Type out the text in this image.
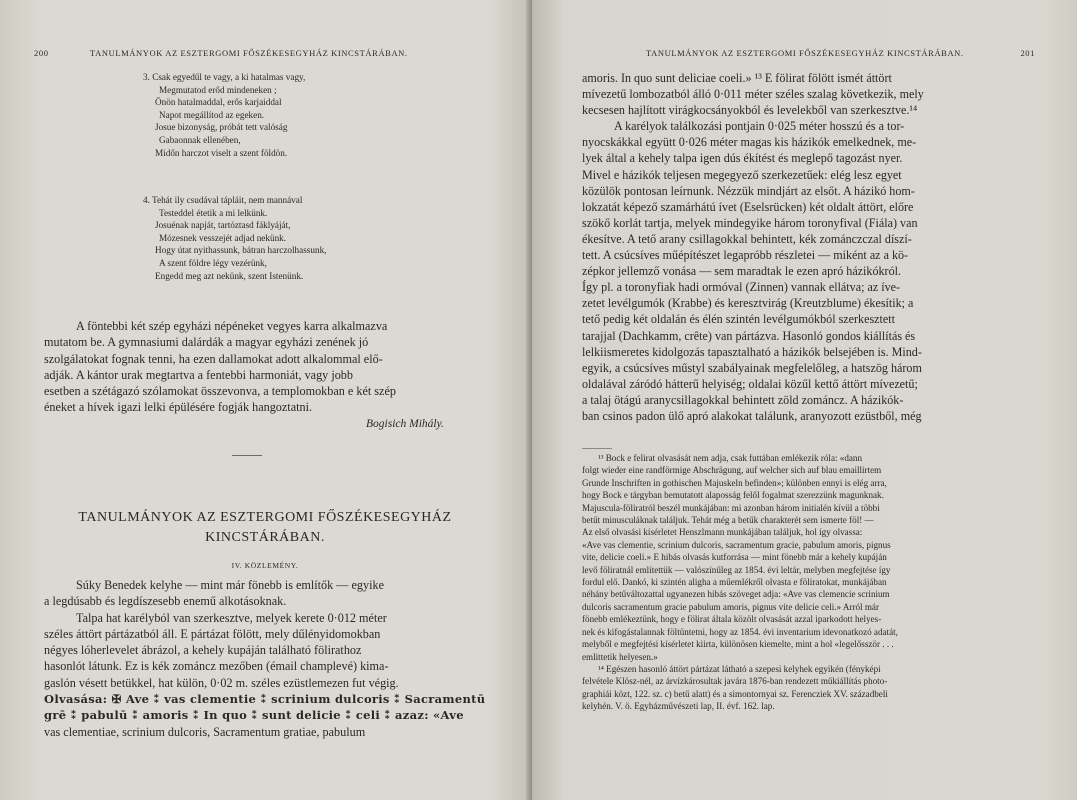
200	TANULMÁNYOK AZ ESZTERGOMI FŐSZÉKESEGYHÁZ KINCSTÁRÁBAN.
3. Csak egyedűl te vagy, a ki hatalmas vagy,
Megmutatod erőd mindeneken ;
Önön hatalmaddal, erős karjaiddal
Napot megállítod az egeken.
Josue bizonyság, próbát tett valóság
Gabaonnak ellenében,
Midőn harczot viselt a szent földön.
4. Tehát ily csudával tápláit, nem mannával
Testeddel étetik a mi lelkünk.
Josuénak napját, tartóztasd fáklyáját,
Mózesnek vesszejét adjad nekünk.
Hogy útat nyithassunk, bátran harczolhassunk,
A szent földre légy vezérünk,
Engedd meg azt nekünk, szent Istenünk.
A föntebbi két szép egyházi népéneket vegyes karra alkalmazva
mutatom be. A gymnasiumi dalárdák a magyar egyházi zenének jó
szolgálatokat fognak tenni, ha ezen dallamokat adott alkalommal elő-
adják. A kántor urak megtartva a fentebbi harmoniát, vagy jobb
esetben a szétágazó szólamokat összevonva, a templomokban e két szép
éneket a hívek igazi lelki épülésére fogják hangoztatni.
Bogisich Mihály.
TANULMÁNYOK AZ ESZTERGOMI FŐSZÉKESEGYHÁZ
KINCSTÁRÁBAN.
IV. KÖZLEMÉNY.
Súky Benedek kelyhe — mint már fönebb is említők — egyike
a legdúsabb és legdíszesebb enemű alkotásoknak.
Talpa hat karélyból van szerkesztve, melyek kerete 0·012 méter
széles áttört pártázatból áll. E pártázat fölött, mely dűlényidomokban
négyes lóherlevelet ábrázol, a kehely kupáján található fölirathoz
hasonlót látunk. Ez is kék zománcz mezőben (émail champlevé) kima-
gaslón vésett betükkel, hat külön, 0·02 m. széles ezüstlemezen fut végig.
Olvasása: ✠ Ave ⁑ vas clementie ⁑ scrinium dulcoris ⁑ Sacramentū
grē ⁑ pabulū ⁑ amoris ⁑ In quo ⁑ sunt delicie ⁑ celi ⁑ azaz: «Ave
vas clementiae, scrinium dulcoris, Sacramentum gratiae, pabulum
TANULMÁNYOK AZ ESZTERGOMI FŐSZÉKESEGYHÁZ KINCSTÁRÁBAN.	201
amoris. In quo sunt deliciae coeli.» ¹³ E fölirat fölött ismét áttört
mívezetű lombozatból álló 0·011 méter széles szalag következik, mely
kecsesen hajlított virágkocsányokból és levelekből van szerkesztve.¹⁴
A karélyok találkozási pontjain 0·025 méter hosszú és a tor-
nyocskákkal együtt 0·026 méter magas kis házikók emelkednek, me-
lyek által a kehely talpa igen dús ékítést és meglepő tagozást nyer.
Mivel e házikók teljesen megegyező szerkezetűek: elég lesz egyet
közülök pontosan leírnunk. Nézzük mindjárt az elsőt. A házikó hom-
lokzatát képező szamárhátú ívet (Eselsrücken) két oldalt áttört, előre
szökő korlát tartja, melyek mindegyike három toronyfival (Fiála) van
ékesítve. A tető arany csillagokkal behintett, kék zománczczal díszí-
tett. A csúcsíves műépítészet legapróbb részletei — miként az a kö-
zépkor jellemző vonása — sem maradtak le ezen apró házikókról.
Így pl. a toronyfiak hadi ormóval (Zinnen) vannak ellátva; az íve-
zetet levélgumók (Krabbe) és keresztvirág (Kreutzblume) ékesítik; a
tető pedig két oldalán és élén szintén levélgumókból szerkesztett
tarajjal (Dachkamm, crête) van pártázva. Hasonló gondos kiállítás és
lelkiismeretes kidolgozás tapasztalható a házikók belsejében is. Mind-
egyik, a csúcsíves műstyl szabályainak megfelelőleg, a hatszög három
oldalával záródó hátterű helyiség; oldalai közűl kettő áttört mívezetű;
a talaj ötágú aranycsillagokkal behintett zöld zománcz. A házikók-
ban csinos padon ülő apró alakokat találunk, aranyozott ezüstből, még
¹³ Bock e felirat olvasását nem adja, csak futtában emlékezik róla: «dann
folgt wieder eine randförmige Abschrägung, auf welcher sich auf blau emaillirtem
Grunde Inschriften in gothischen Majuskeln befinden»; különben ennyi is elég arra,
hogy Bock e tárgyban bemutatott alaposság felől fogalmat szerezzünk magunknak.
Majuscula-föliratról beszél munkájában: mi azonban három initialén kívül a többi
betűt minusculáknak találjuk. Tehát még a betűk charakterét sem ismerte föl! —
Az első olvasási kísérletet Henszlmann munkájában találjuk, hol így olvassa:
«Ave vas clementie, scrinium dulcoris, sacramentum gracie, pabulum amoris, pignus
vite, delicie coeli.» E hibás olvasás kutforrása — mint fönebb már a kehely kupáján
levő föliratnál említettük — valószínűleg az 1854. évi leltár, melyben megfejtése így
fordul elő. Dankó, ki szintén aligha a műemlékről olvasta e föliratokat, munkájában
néhány betűváltozattal ugyanezen hibás szöveget adja: «Ave vas clemencie scrinium
dulcoris sacramentum gracie pabulum amoris, pignus vite delicie celi.» Arról már
fönebb emlékeztünk, hogy e fölirat általa közölt olvasását azzal iparkodott helyes-
nek és kifogástalannak föltüntetni, hogy az 1854. évi inventarium idevonatkozó adatát,
melyből e megfejtési kísérletet kiirta, különösen kiemelte, mint a hol «legelősször . . .
emlittetik helyesen.»
¹⁴ Egészen hasonló áttört pártázat látható a szepesi kelyhek egyikén (fényképi
felvétele Klösz-nél, az árvízkárosultak javára 1876-ban rendezett műkiállítás photo-
graphiái közt, 122. sz. c) betű alatt) és a simontornyai sz. Ferencziek XV. századbeli
kelyhén. V. ö. Egyházművészeti lap, II. évf. 162. lap.
